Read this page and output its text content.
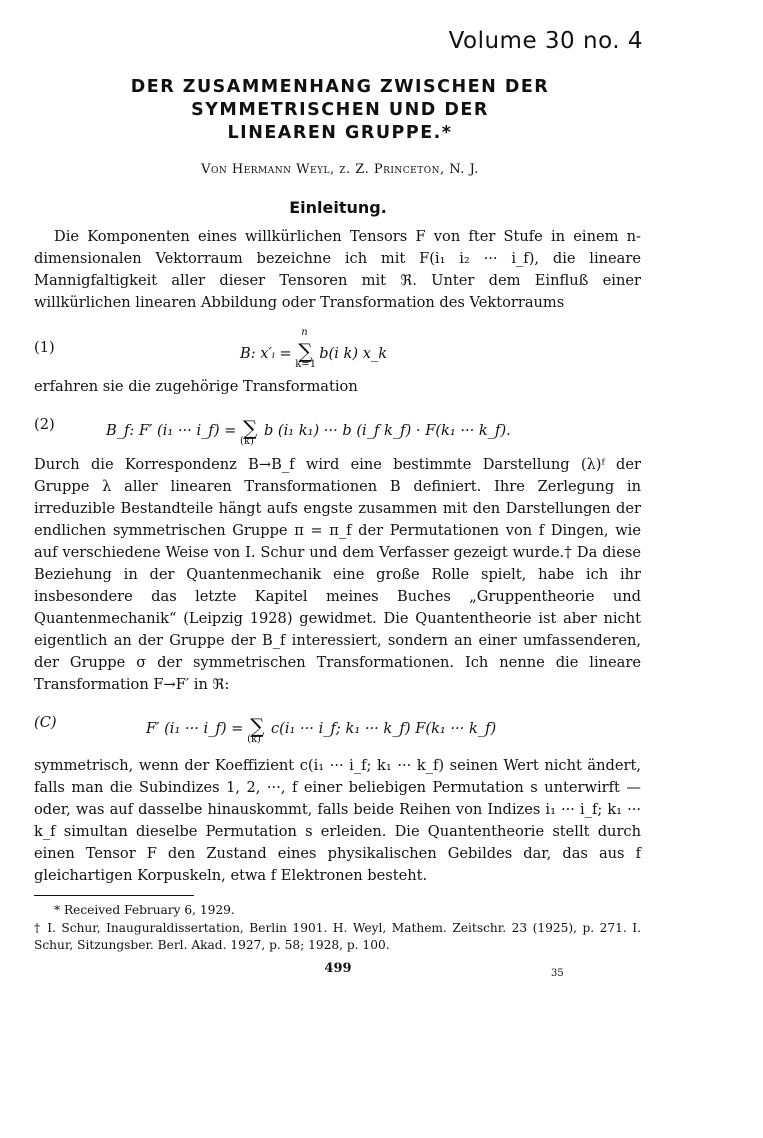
Volume 30 no. 4
DER ZUSAMMENHANG ZWISCHEN DER
SYMMETRISCHEN UND DER
LINEAREN GRUPPE.*
Von Hermann Weyl, z. Z. Princeton, N. J.
Einleitung.

Die Komponenten eines willkürlichen Tensors F von fter Stufe in einem n-dimensionalen Vektorraum bezeichne ich mit F(i₁ i₂ ··· i_f), die lineare Mannigfaltigkeit aller dieser Tensoren mit ℜ. Unter dem Einfluß einer willkürlichen linearen Abbildung oder Transformation des Vektorraums

(1)	B: x′ᵢ = ∑
n
k=1
b(i k) x_k

erfahren sie die zugehörige Transformation

(2)	B_f: F′ (i₁ ··· i_f) = ∑
(k)
b (i₁ k₁) ··· b (i_f k_f) · F(k₁ ··· k_f).

Durch die Korrespondenz B→B_f wird eine bestimmte Darstellung (λ)ᶠ der Gruppe λ aller linearen Transformationen B definiert. Ihre Zerlegung in irreduzible Bestandteile hängt aufs engste zusammen mit den Darstellungen der endlichen symmetrischen Gruppe π = π_f der Permutationen von f Dingen, wie auf verschiedene Weise von I. Schur und dem Verfasser gezeigt wurde.† Da diese Beziehung in der Quantenmechanik eine große Rolle spielt, habe ich ihr insbesondere das letzte Kapitel meines Buches „Gruppentheorie und Quantenmechanik“ (Leipzig 1928) gewidmet. Die Quantentheorie ist aber nicht eigentlich an der Gruppe der B_f interessiert, sondern an einer umfassenderen, der Gruppe σ der symmetrischen Transformationen. Ich nenne die lineare Transformation F→F′ in ℜ:

(C)	F′ (i₁ ··· i_f) = ∑
(k)
c(i₁ ··· i_f; k₁ ··· k_f) F(k₁ ··· k_f)

symmetrisch, wenn der Koeffizient c(i₁ ··· i_f; k₁ ··· k_f) seinen Wert nicht ändert, falls man die Subindizes 1, 2, ···, f einer beliebigen Permutation s unterwirft — oder, was auf dasselbe hinauskommt, falls beide Reihen von Indizes i₁ ··· i_f; k₁ ··· k_f simultan dieselbe Permutation s erleiden. Die Quantentheorie stellt durch einen Tensor F den Zustand eines physikalischen Gebildes dar, das aus f gleichartigen Korpuskeln, etwa f Elektronen besteht.

* Received February 6, 1929.
† I. Schur, Inauguraldissertation, Berlin 1901. H. Weyl, Mathem. Zeitschr. 23 (1925), p. 271. I. Schur, Sitzungsber. Berl. Akad. 1927, p. 58; 1928, p. 100.
499	35
